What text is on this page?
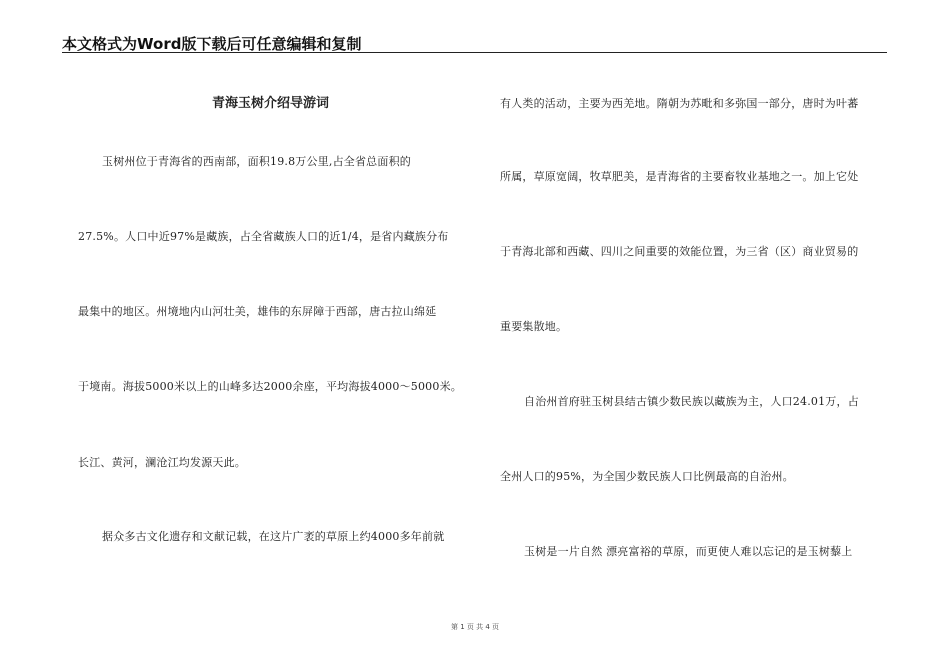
本文格式为Word版下载后可任意编辑和复制
青海玉树介绍导游词
玉树州位于青海省的西南部，面积19.8万公里,占全省总面积的
27.5%。人口中近97%是藏族，占全省藏族人口的近1/4，是省内藏族分布
最集中的地区。州境地内山河壮美，雄伟的东屏障于西部，唐古拉山绵延
于境南。海拔5000米以上的山峰多达2000余座，平均海拔4000～5000米。
长江、黄河，澜沧江均发源天此。
据众多古文化遗存和文献记载，在这片广袤的草原上约4000多年前就
有人类的活动，主要为西羌地。隋朝为苏毗和多弥国一部分，唐时为叶蕃
所属，草原宽阔，牧草肥美，是青海省的主要畜牧业基地之一。加上它处
于青海北部和西藏、四川之间重要的效能位置，为三省（区）商业贸易的
重要集散地。
自治州首府驻玉树县结古镇少数民族以藏族为主，人口24.01万，占
全州人口的95%，为全国少数民族人口比例最高的自治州。
玉树是一片自然 漂亮富裕的草原，而更使人难以忘记的是玉树藜上
第 1 页 共 4 页
